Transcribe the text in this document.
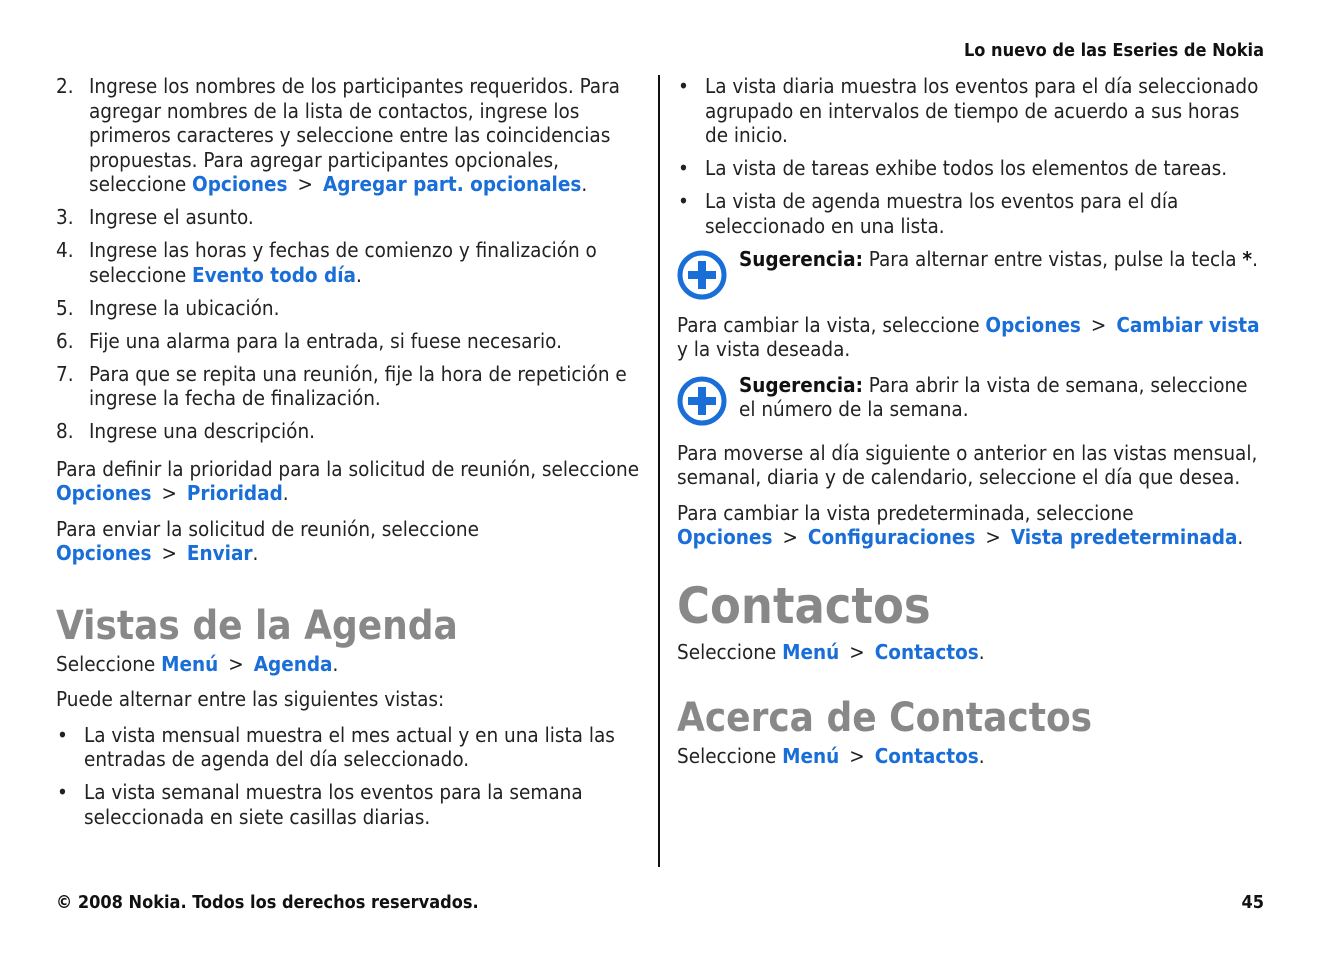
Lo nuevo de las Eseries de Nokia
2. Ingrese los nombres de los participantes requeridos. Para agregar nombres de la lista de contactos, ingrese los primeros caracteres y seleccione entre las coincidencias propuestas. Para agregar participantes opcionales, seleccione Opciones > Agregar part. opcionales.
3. Ingrese el asunto.
4. Ingrese las horas y fechas de comienzo y finalización o seleccione Evento todo día.
5. Ingrese la ubicación.
6. Fije una alarma para la entrada, si fuese necesario.
7. Para que se repita una reunión, fije la hora de repetición e ingrese la fecha de finalización.
8. Ingrese una descripción.

Para definir la prioridad para la solicitud de reunión, seleccione Opciones > Prioridad.

Para enviar la solicitud de reunión, seleccione Opciones > Enviar.

Vistas de la Agenda

Seleccione Menú > Agenda.

Puede alternar entre las siguientes vistas:

• La vista mensual muestra el mes actual y en una lista las entradas de agenda del día seleccionado.
• La vista semanal muestra los eventos para la semana seleccionada en siete casillas diarias.
• La vista diaria muestra los eventos para el día seleccionado agrupado en intervalos de tiempo de acuerdo a sus horas de inicio.
• La vista de tareas exhibe todos los elementos de tareas.
• La vista de agenda muestra los eventos para el día seleccionado en una lista.
Sugerencia: Para alternar entre vistas, pulse la tecla *.

Para cambiar la vista, seleccione Opciones > Cambiar vista y la vista deseada.

Sugerencia: Para abrir la vista de semana, seleccione el número de la semana.

Para moverse al día siguiente o anterior en las vistas mensual, semanal, diaria y de calendario, seleccione el día que desea.

Para cambiar la vista predeterminada, seleccione Opciones > Configuraciones > Vista predeterminada.

Contactos

Seleccione Menú > Contactos.

Acerca de Contactos

Seleccione Menú > Contactos.

© 2008 Nokia. Todos los derechos reservados.	45
